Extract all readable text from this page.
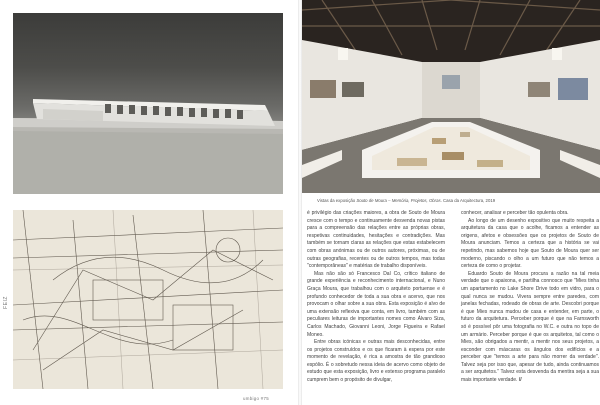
FEIZ
Vistas da exposição Souto de Moura – Memória, Projetos, Obras. Casa da Arquitectura, 2019

é privilégio das criações maiores, a obra de Souto de Moura cresce com o tempo e continuamente desvenda novas pistas para a compreensão das relações entre as próprias obras, respetivas continuidades, hesitações e contradições. Mas também se tornam claras as relações que estas estabelecem com obras anónimas ou de outros autores, próximas, ou de outras geografias, recentes ou de outros tempos, mas todas "contemporâneas" e matérias de trabalho disponíveis.

Mas não são só Francesco Dal Co, crítico italiano de grande experiência e reconhecimento internacional, e Nuno Graça Moura, que trabalhou com o arquiteto portuense e é profundo conhecedor de toda a sua obra e acervo, que nos provocam o olhar sobre a sua obra. Esta exposição é alvo de uma extensão reflexiva que conta, em livro, também com as peculiares leituras de importantes nomes como Álvaro Siza, Carlos Machado, Giovanni Leoni, Jorge Figueira e Rafael Moneo.

Entre obras icónicas e outras mais desconhecidas, entre os projetos construídos e os que ficaram à espera por este momento de revelação, é rica a amostra de tão grandioso espólio. É o sobretudo nessa ideia de acervo como objeto de estudo que esta exposição, livro e extenso programa paralelo cumprem bem o propósito de divulgar,

conhecer, analisar e perceber tão opulenta obra.

Ao longo de um desenho expositivo que muito respeita a arquitetura da casa que o acolhe, ficamos a entender as origens, afetos e obsessões que os projetos de Souto de Moura anunciam. Temos a certeza que a história se vai repetindo, mas sabemos hoje que Souto de Moura quer ser moderno, piscando o olho a um futuro que não temos a certeza de como o projetar.

Eduardo Souto de Moura procura a razão na tal meia verdade que o apaixona, e partilha connosco que "Mies tinha um apartamento no Lake Shore Drive todo em vidro, para o qual nunca se mudou. Vivera sempre entre paredes, com janelas fechadas, rodeado de obras de arte. Descobri porque é que Mies nunca mudou de casa e entender, em parte, o futuro da arquitetura. Perceber porque é que na Farnsworth só é possível pôr uma fotografia no W.C. e outra no topo de um armário. Perceber porque é que os arquitetos, tal como o Mies, são obrigados a mentir, a mentir nos seus projetos, a esconder com máscaras os ângulos dos edifícios e a perceber que "temos a arte para não morrer da verdade". Talvez seja por isso que, apesar de tudo, ainda continuamos a ser arquitetos." Talvez esta desvenda da mentira seja a sua mais importante verdade. //

umbigo #75
